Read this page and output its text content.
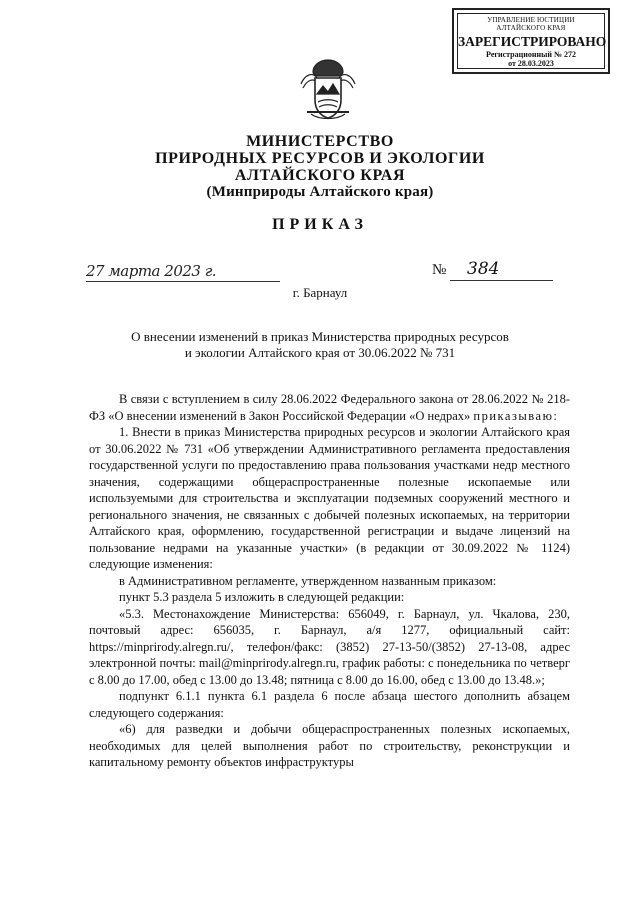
УПРАВЛЕНИЕ ЮСТИЦИИ
АЛТАЙСКОГО КРАЯ
ЗАРЕГИСТРИРОВАНО
Регистрационный № 272
от 28.03.2023
МИНИСТЕРСТВО
ПРИРОДНЫХ РЕСУРСОВ И ЭКОЛОГИИ
АЛТАЙСКОГО КРАЯ
(Минприроды Алтайского края)
ПРИКАЗ
27 марта 2023 г.	№ 384
г. Барнаул
О внесении изменений в приказ Министерства природных ресурсов и экологии Алтайского края от 30.06.2022 № 731

В связи с вступлением в силу 28.06.2022 Федерального закона от 28.06.2022 № 218-ФЗ «О внесении изменений в Закон Российской Федерации «О недрах» приказываю:

1. Внести в приказ Министерства природных ресурсов и экологии Алтайского края от 30.06.2022 № 731 «Об утверждении Административного регламента предоставления государственной услуги по предоставлению права пользования участками недр местного значения, содержащими общераспространенные полезные ископаемые или используемыми для строительства и эксплуатации подземных сооружений местного и регионального значения, не связанных с добычей полезных ископаемых, на территории Алтайского края, оформлению, государственной регистрации и выдаче лицензий на пользование недрами на указанные участки» (в редакции от 30.09.2022 № 1124) следующие изменения:

в Административном регламенте, утвержденном названным приказом:

пункт 5.3 раздела 5 изложить в следующей редакции:

«5.3. Местонахождение Министерства: 656049, г. Барнаул, ул. Чкалова, 230, почтовый адрес: 656035, г. Барнаул, а/я 1277, официальный сайт: https://minprirody.alregn.ru/, телефон/факс: (3852) 27-13-50/(3852) 27-13-08, адрес электронной почты: mail@minprirody.alregn.ru, график работы: с понедельника по четверг с 8.00 до 17.00, обед с 13.00 до 13.48; пятница с 8.00 до 16.00, обед с 13.00 до 13.48.»;

подпункт 6.1.1 пункта 6.1 раздела 6 после абзаца шестого дополнить абзацем следующего содержания:

«6) для разведки и добычи общераспространенных полезных ископаемых, необходимых для целей выполнения работ по строительству, реконструкции и капитальному ремонту объектов инфраструктуры
